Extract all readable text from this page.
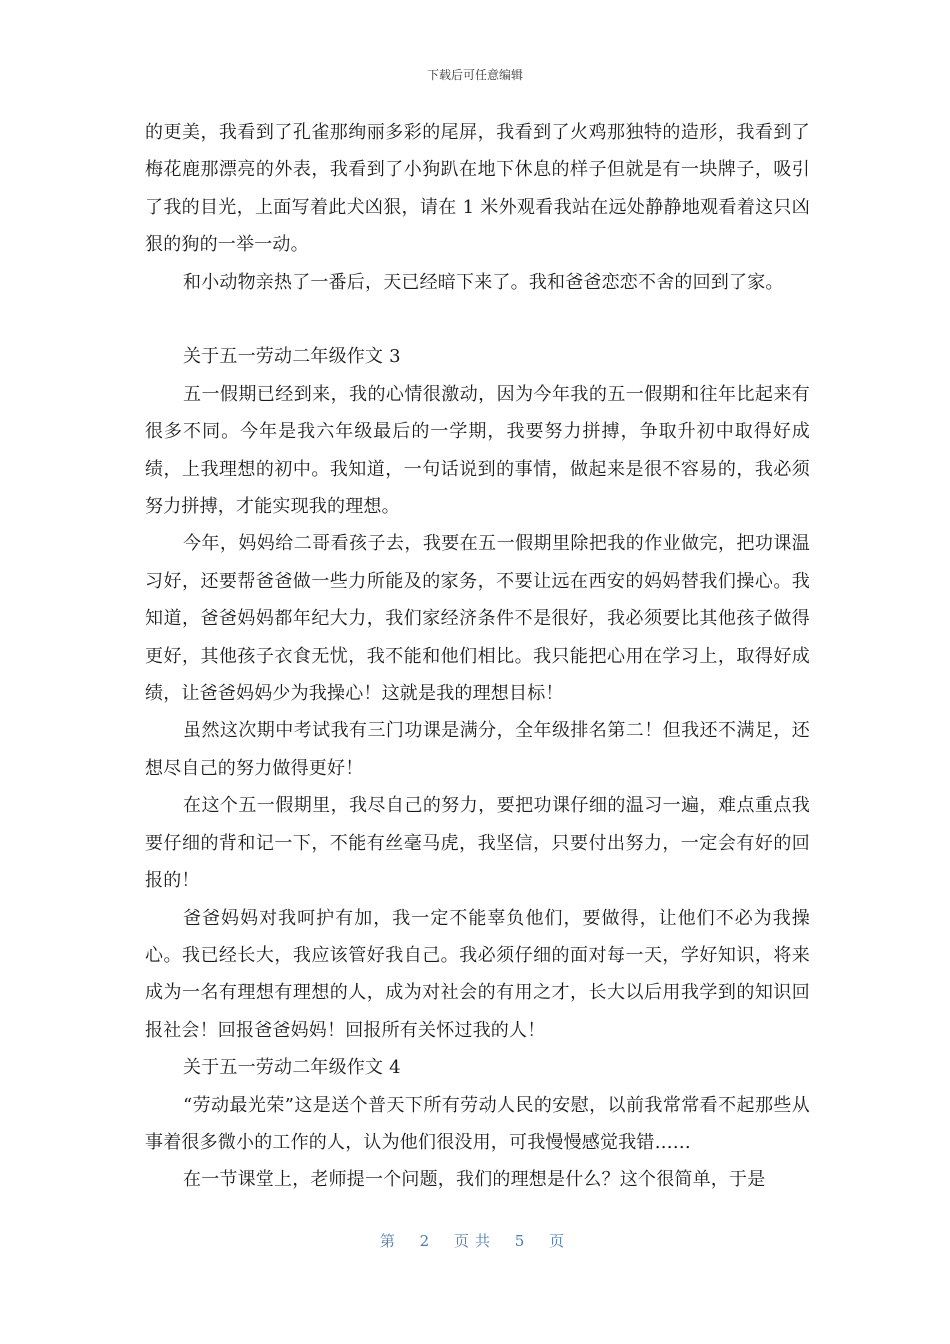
下载后可任意编辑

的更美，我看到了孔雀那绚丽多彩的尾屏，我看到了火鸡那独特的造形，我看到了梅花鹿那漂亮的外表，我看到了小狗趴在地下休息的样子但就是有一块牌子，吸引了我的目光，上面写着此犬凶狠，请在 1 米外观看我站在远处静静地观看着这只凶狠的狗的一举一动。

和小动物亲热了一番后，天已经暗下来了。我和爸爸恋恋不舍的回到了家。

关于五一劳动二年级作文 3

五一假期已经到来，我的心情很激动，因为今年我的五一假期和往年比起来有很多不同。今年是我六年级最后的一学期，我要努力拼搏，争取升初中取得好成绩，上我理想的初中。我知道，一句话说到的事情，做起来是很不容易的，我必须努力拼搏，才能实现我的理想。

今年，妈妈给二哥看孩子去，我要在五一假期里除把我的作业做完，把功课温习好，还要帮爸爸做一些力所能及的家务，不要让远在西安的妈妈替我们操心。我知道，爸爸妈妈都年纪大力，我们家经济条件不是很好，我必须要比其他孩子做得更好，其他孩子衣食无忧，我不能和他们相比。我只能把心用在学习上，取得好成绩，让爸爸妈妈少为我操心！这就是我的理想目标！

虽然这次期中考试我有三门功课是满分，全年级排名第二！但我还不满足，还想尽自己的努力做得更好！

在这个五一假期里，我尽自己的努力，要把功课仔细的温习一遍，难点重点我要仔细的背和记一下，不能有丝毫马虎，我坚信，只要付出努力，一定会有好的回报的！

爸爸妈妈对我呵护有加，我一定不能辜负他们，要做得，让他们不必为我操心。我已经长大，我应该管好我自己。我必须仔细的面对每一天，学好知识，将来成为一名有理想有理想的人，成为对社会的有用之才，长大以后用我学到的知识回报社会！回报爸爸妈妈！回报所有关怀过我的人！

关于五一劳动二年级作文 4

“劳动最光荣”这是送个普天下所有劳动人民的安慰，以前我常常看不起那些从事着很多微小的工作的人，认为他们很没用，可我慢慢感觉我错……

在一节课堂上，老师提一个问题，我们的理想是什么？这个很简单，于是

第 2 页共 5 页
